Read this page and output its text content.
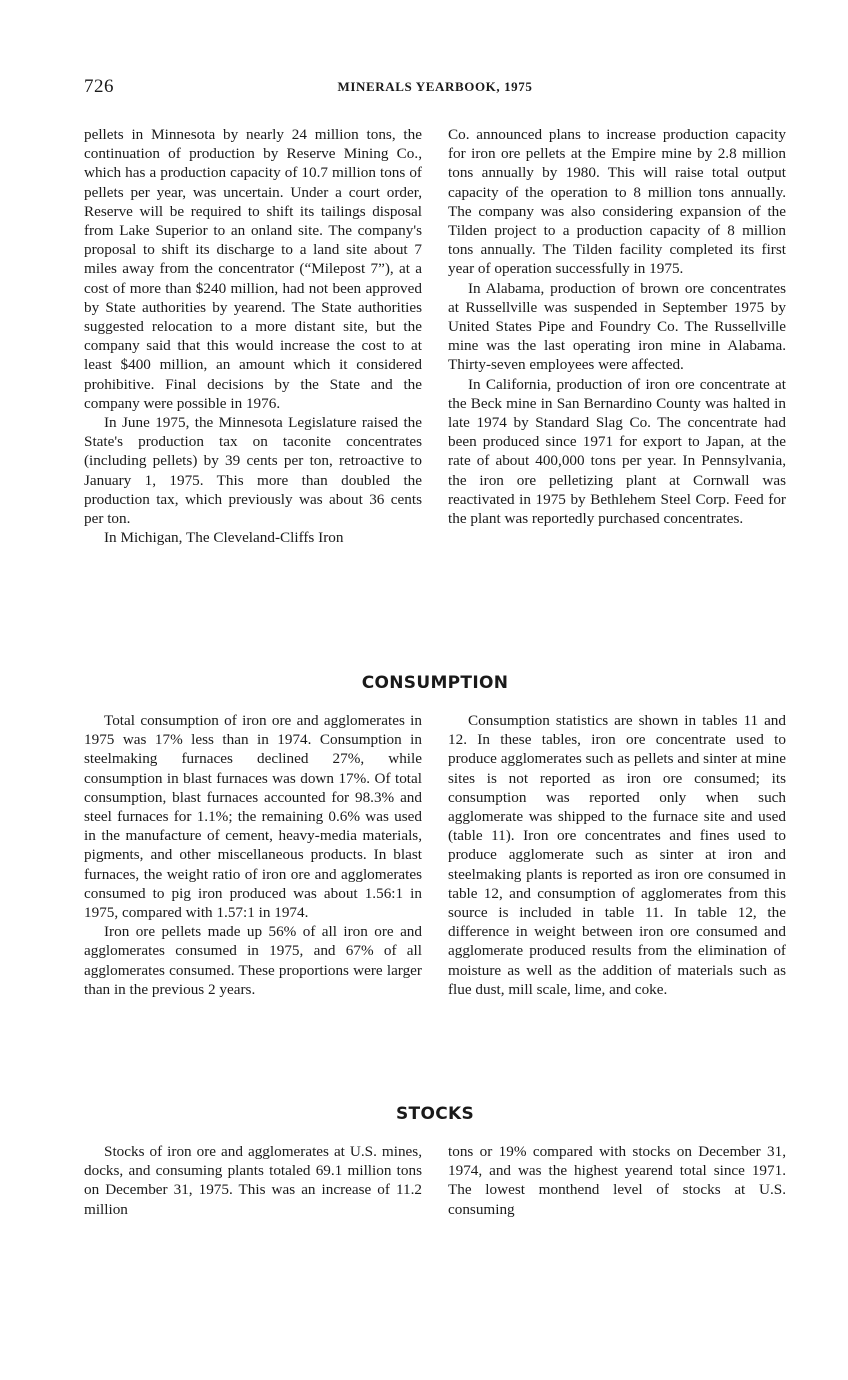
726	MINERALS YEARBOOK, 1975

pellets in Minnesota by nearly 24 million tons, the continuation of production by Reserve Mining Co., which has a production capacity of 10.7 million tons of pellets per year, was uncertain. Under a court order, Reserve will be required to shift its tailings disposal from Lake Superior to an onland site. The company's proposal to shift its discharge to a land site about 7 miles away from the concentrator (“Milepost 7”), at a cost of more than $240 million, had not been approved by State authorities by yearend. The State authorities suggested relocation to a more distant site, but the company said that this would increase the cost to at least $400 million, an amount which it considered prohibitive. Final decisions by the State and the company were possible in 1976.

In June 1975, the Minnesota Legislature raised the State's production tax on taconite concentrates (including pellets) by 39 cents per ton, retroactive to January 1, 1975. This more than doubled the production tax, which previously was about 36 cents per ton.

In Michigan, The Cleveland-Cliffs Iron

Co. announced plans to increase production capacity for iron ore pellets at the Empire mine by 2.8 million tons annually by 1980. This will raise total output capacity of the operation to 8 million tons annually. The company was also considering expansion of the Tilden project to a production capacity of 8 million tons annually. The Tilden facility completed its first year of operation successfully in 1975.

In Alabama, production of brown ore concentrates at Russellville was suspended in September 1975 by United States Pipe and Foundry Co. The Russellville mine was the last operating iron mine in Alabama. Thirty-seven employees were affected.

In California, production of iron ore concentrate at the Beck mine in San Bernardino County was halted in late 1974 by Standard Slag Co. The concentrate had been produced since 1971 for export to Japan, at the rate of about 400,000 tons per year. In Pennsylvania, the iron ore pelletizing plant at Cornwall was reactivated in 1975 by Bethlehem Steel Corp. Feed for the plant was reportedly purchased concentrates.

CONSUMPTION

Total consumption of iron ore and agglomerates in 1975 was 17% less than in 1974. Consumption in steelmaking furnaces declined 27%, while consumption in blast furnaces was down 17%. Of total consumption, blast furnaces accounted for 98.3% and steel furnaces for 1.1%; the remaining 0.6% was used in the manufacture of cement, heavy-media materials, pigments, and other miscellaneous products. In blast furnaces, the weight ratio of iron ore and agglomerates consumed to pig iron produced was about 1.56:1 in 1975, compared with 1.57:1 in 1974.

Iron ore pellets made up 56% of all iron ore and agglomerates consumed in 1975, and 67% of all agglomerates consumed. These proportions were larger than in the previous 2 years.

Consumption statistics are shown in tables 11 and 12. In these tables, iron ore concentrate used to produce agglomerates such as pellets and sinter at mine sites is not reported as iron ore consumed; its consumption was reported only when such agglomerate was shipped to the furnace site and used (table 11). Iron ore concentrates and fines used to produce agglomerate such as sinter at iron and steelmaking plants is reported as iron ore consumed in table 12, and consumption of agglomerates from this source is included in table 11. In table 12, the difference in weight between iron ore consumed and agglomerate produced results from the elimination of moisture as well as the addition of materials such as flue dust, mill scale, lime, and coke.

STOCKS

Stocks of iron ore and agglomerates at U.S. mines, docks, and consuming plants totaled 69.1 million tons on December 31, 1975. This was an increase of 11.2 million

tons or 19% compared with stocks on December 31, 1974, and was the highest yearend total since 1971. The lowest monthend level of stocks at U.S. consuming
